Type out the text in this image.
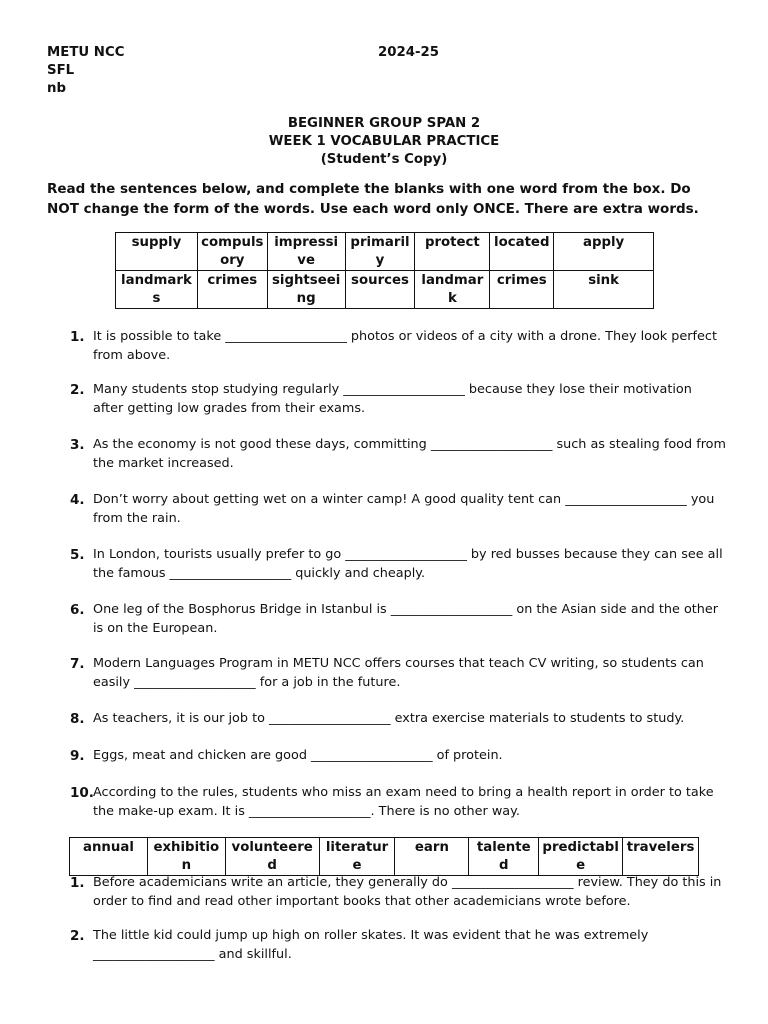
METU NCC	2024-25
SFL
nb
BEGINNER GROUP SPAN 2
WEEK 1 VOCABULAR PRACTICE
(Student’s Copy)
Read the sentences below, and complete the blanks with one word from the box. Do NOT change the form of the words. Use each word only ONCE. There are extra words.
supply	compulsory	impressive	primarily	protect	located	apply
landmarks	crimes	sightseeing	sources	landmark	crimes	sink
1. It is possible to take ___________________ photos or videos of a city with a drone. They look perfect from above.
2. Many students stop studying regularly ___________________ because they lose their motivation after getting low grades from their exams.
3. As the economy is not good these days, committing ___________________ such as stealing food from the market increased.
4. Don’t worry about getting wet on a winter camp! A good quality tent can ___________________ you from the rain.
5. In London, tourists usually prefer to go ___________________ by red busses because they can see all the famous ___________________ quickly and cheaply.
6. One leg of the Bosphorus Bridge in Istanbul is ___________________ on the Asian side and the other is on the European.
7. Modern Languages Program in METU NCC offers courses that teach CV writing, so students can easily ___________________ for a job in the future.
8. As teachers, it is our job to ___________________ extra exercise materials to students to study.
9. Eggs, meat and chicken are good ___________________ of protein.
10. According to the rules, students who miss an exam need to bring a health report in order to take the make-up exam. It is ___________________. There is no other way.
annual	exhibition	volunteered	literature	earn	talented	predictable	travelers
1. Before academicians write an article, they generally do ___________________ review. They do this in order to find and read other important books that other academicians wrote before.
2. The little kid could jump up high on roller skates. It was evident that he was extremely ___________________ and skillful.
